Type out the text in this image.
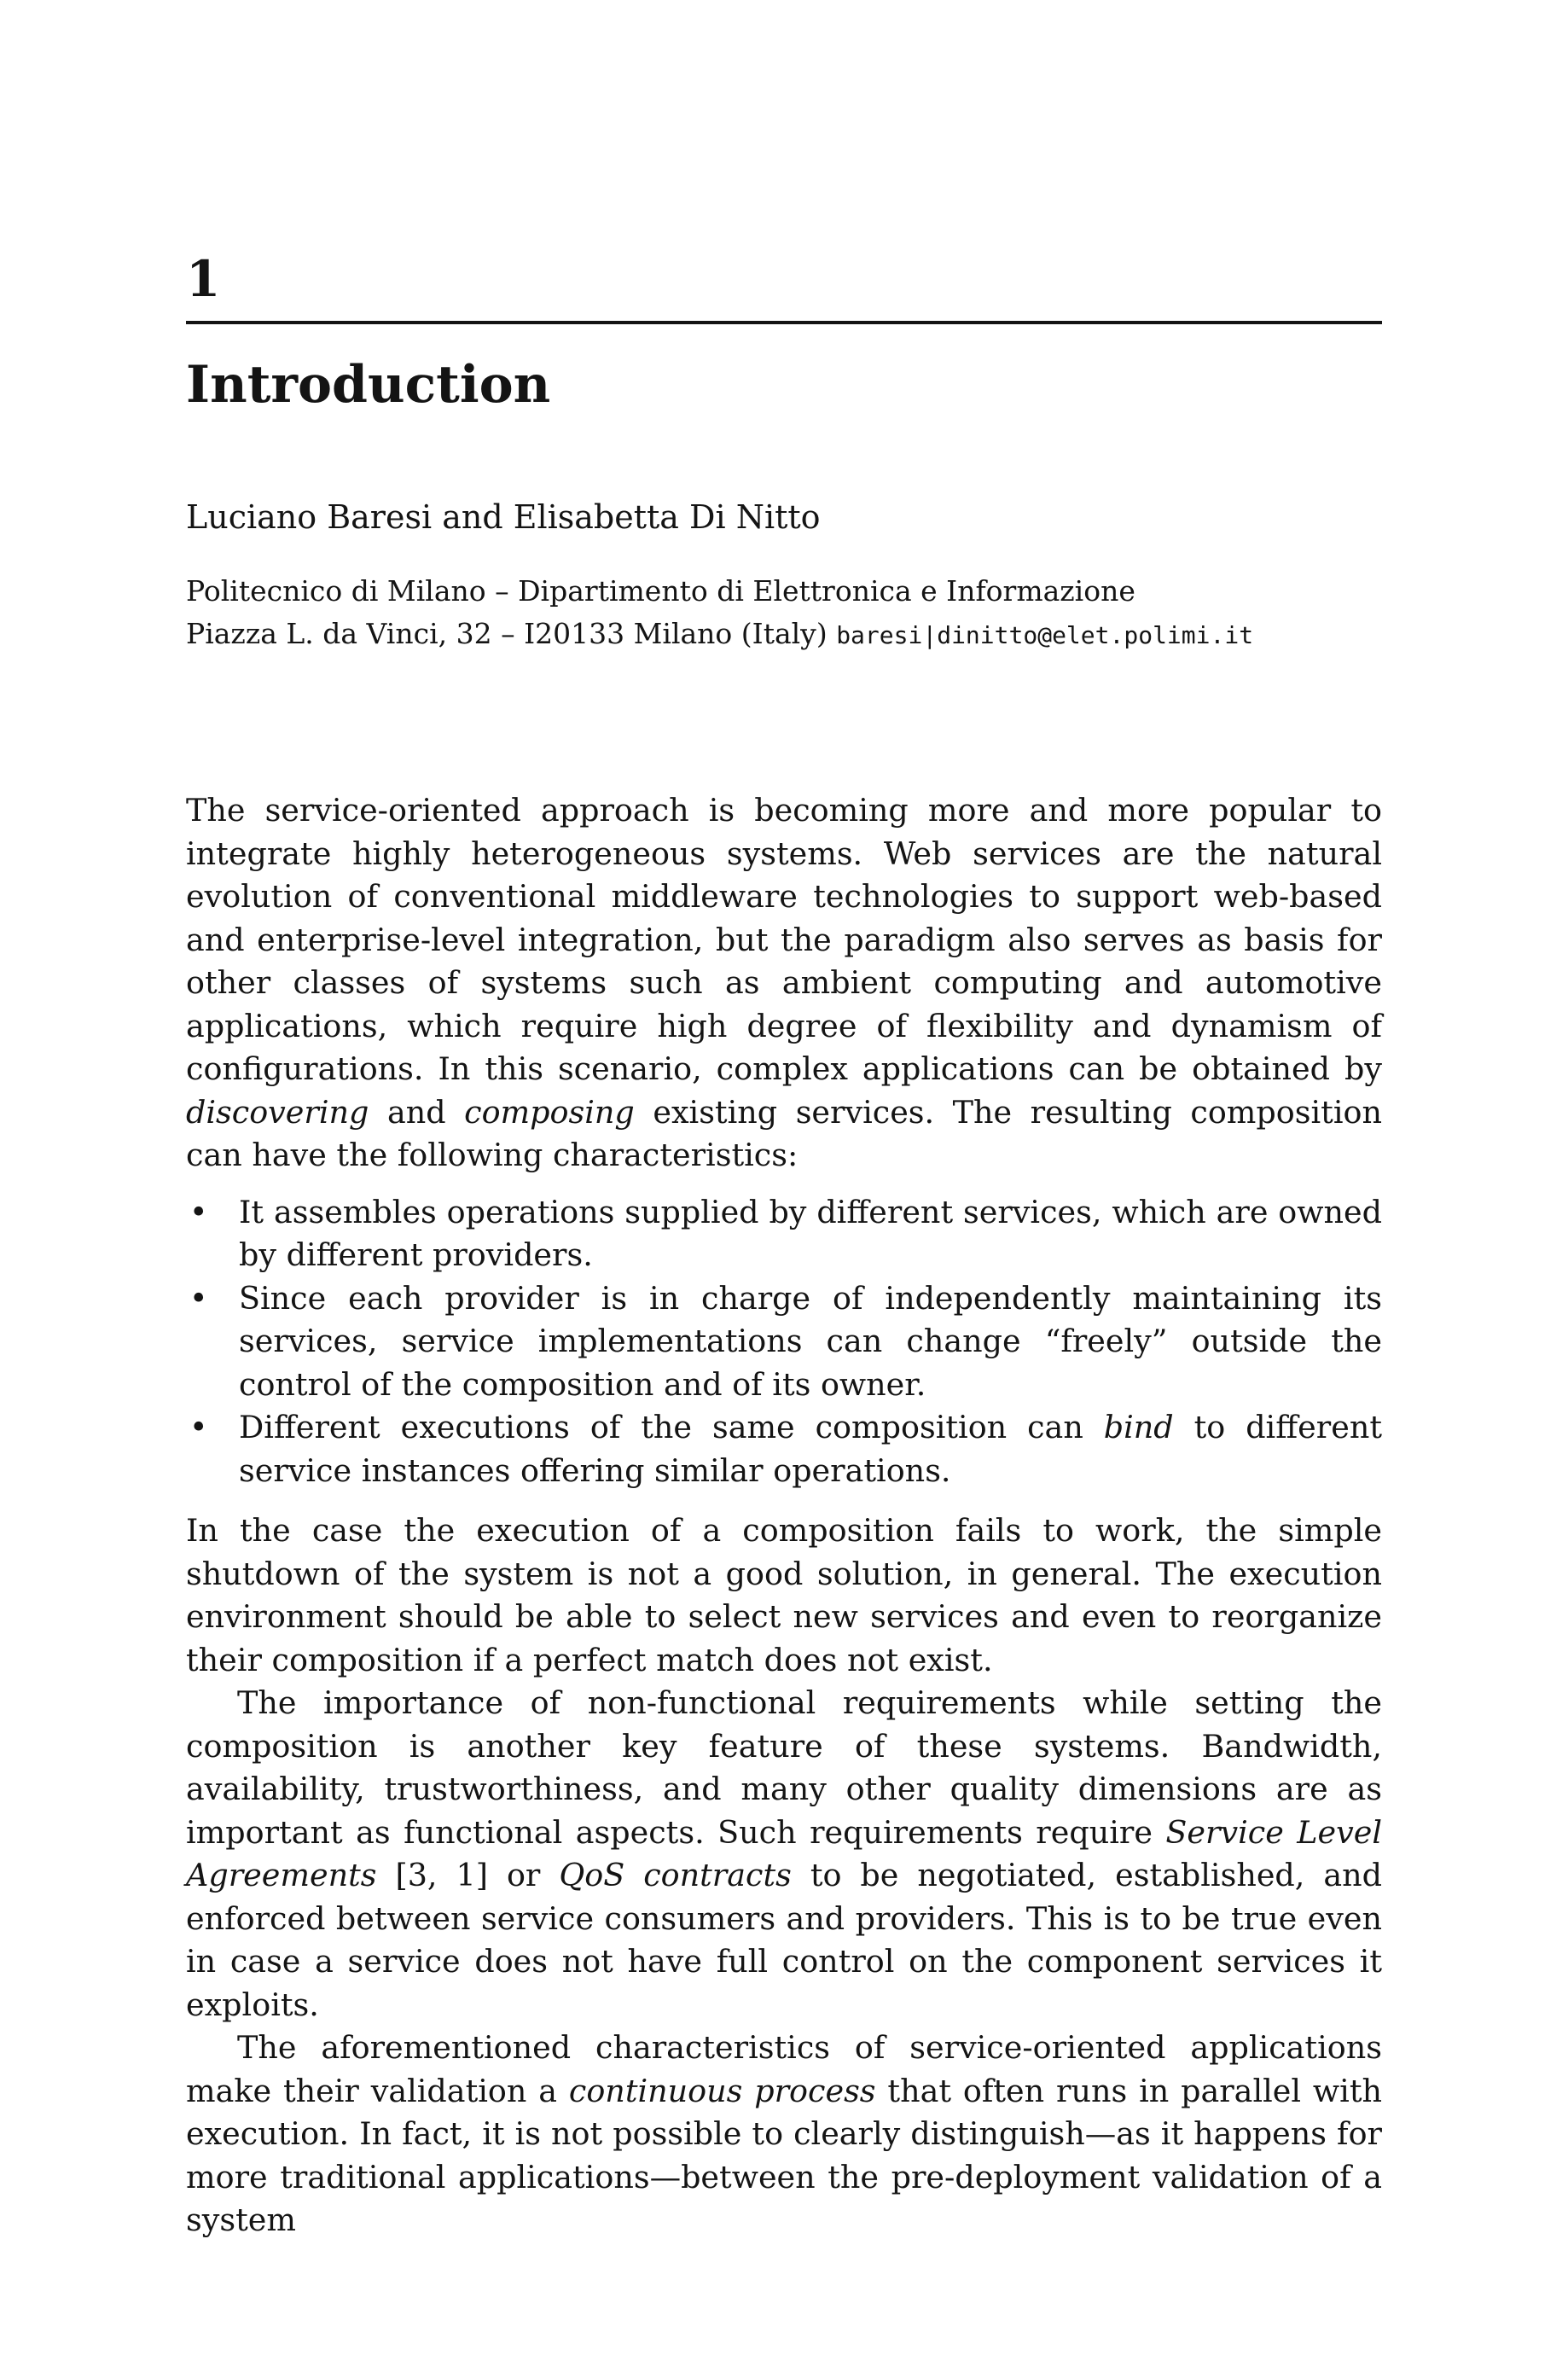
1
Introduction
Luciano Baresi and Elisabetta Di Nitto
Politecnico di Milano – Dipartimento di Elettronica e Informazione
Piazza L. da Vinci, 32 – I20133 Milano (Italy) baresi|dinitto@elet.polimi.it

The service-oriented approach is becoming more and more popular to integrate highly heterogeneous systems. Web services are the natural evolution of conventional middleware technologies to support web-based and enterprise-level integration, but the paradigm also serves as basis for other classes of systems such as ambient computing and automotive applications, which require high degree of flexibility and dynamism of configurations. In this scenario, complex applications can be obtained by discovering and composing existing services. The resulting composition can have the following characteristics:

• It assembles operations supplied by different services, which are owned by different providers.
• Since each provider is in charge of independently maintaining its services, service implementations can change “freely” outside the control of the composition and of its owner.
• Different executions of the same composition can bind to different service instances offering similar operations.

In the case the execution of a composition fails to work, the simple shutdown of the system is not a good solution, in general. The execution environment should be able to select new services and even to reorganize their composition if a perfect match does not exist.

The importance of non-functional requirements while setting the composition is another key feature of these systems. Bandwidth, availability, trustworthiness, and many other quality dimensions are as important as functional aspects. Such requirements require Service Level Agreements [3, 1] or QoS contracts to be negotiated, established, and enforced between service consumers and providers. This is to be true even in case a service does not have full control on the component services it exploits.

The aforementioned characteristics of service-oriented applications make their validation a continuous process that often runs in parallel with execution. In fact, it is not possible to clearly distinguish—as it happens for more traditional applications—between the pre-deployment validation of a system
